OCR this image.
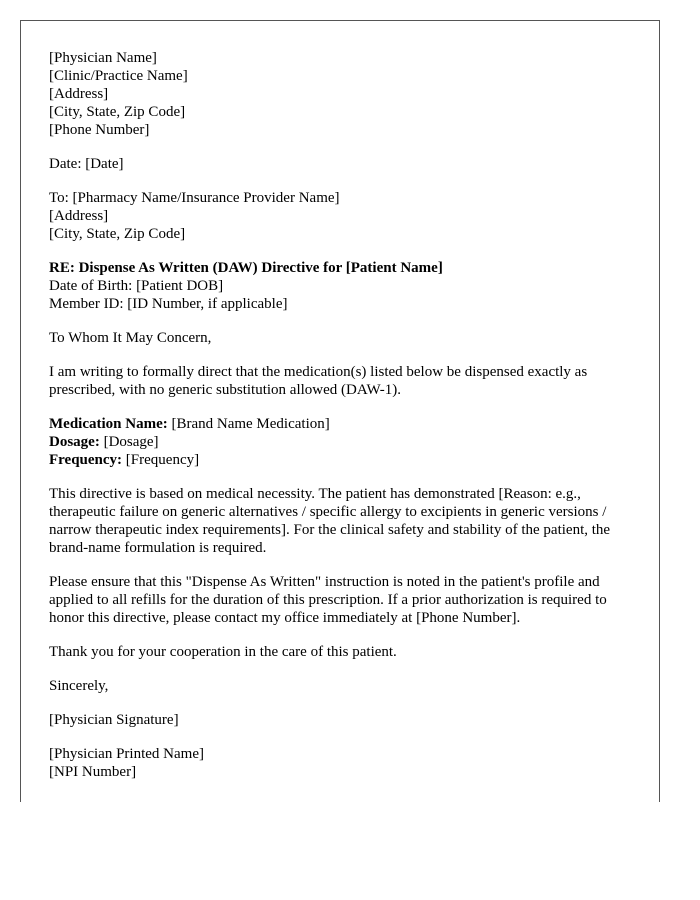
[Physician Name]
[Clinic/Practice Name]
[Address]
[City, State, Zip Code]
[Phone Number]
Date: [Date]
To: [Pharmacy Name/Insurance Provider Name]
[Address]
[City, State, Zip Code]
RE: Dispense As Written (DAW) Directive for [Patient Name]
Date of Birth: [Patient DOB]
Member ID: [ID Number, if applicable]
To Whom It May Concern,

I am writing to formally direct that the medication(s) listed below be dispensed exactly as prescribed, with no generic substitution allowed (DAW-1).

Medication Name: [Brand Name Medication]
Dosage: [Dosage]
Frequency: [Frequency]

This directive is based on medical necessity. The patient has demonstrated [Reason: e.g., therapeutic failure on generic alternatives / specific allergy to excipients in generic versions / narrow therapeutic index requirements]. For the clinical safety and stability of the patient, the brand-name formulation is required.

Please ensure that this "Dispense As Written" instruction is noted in the patient's profile and applied to all refills for the duration of this prescription. If a prior authorization is required to honor this directive, please contact my office immediately at [Phone Number].

Thank you for your cooperation in the care of this patient.
Sincerely,
[Physician Signature]
[Physician Printed Name]
[NPI Number]
